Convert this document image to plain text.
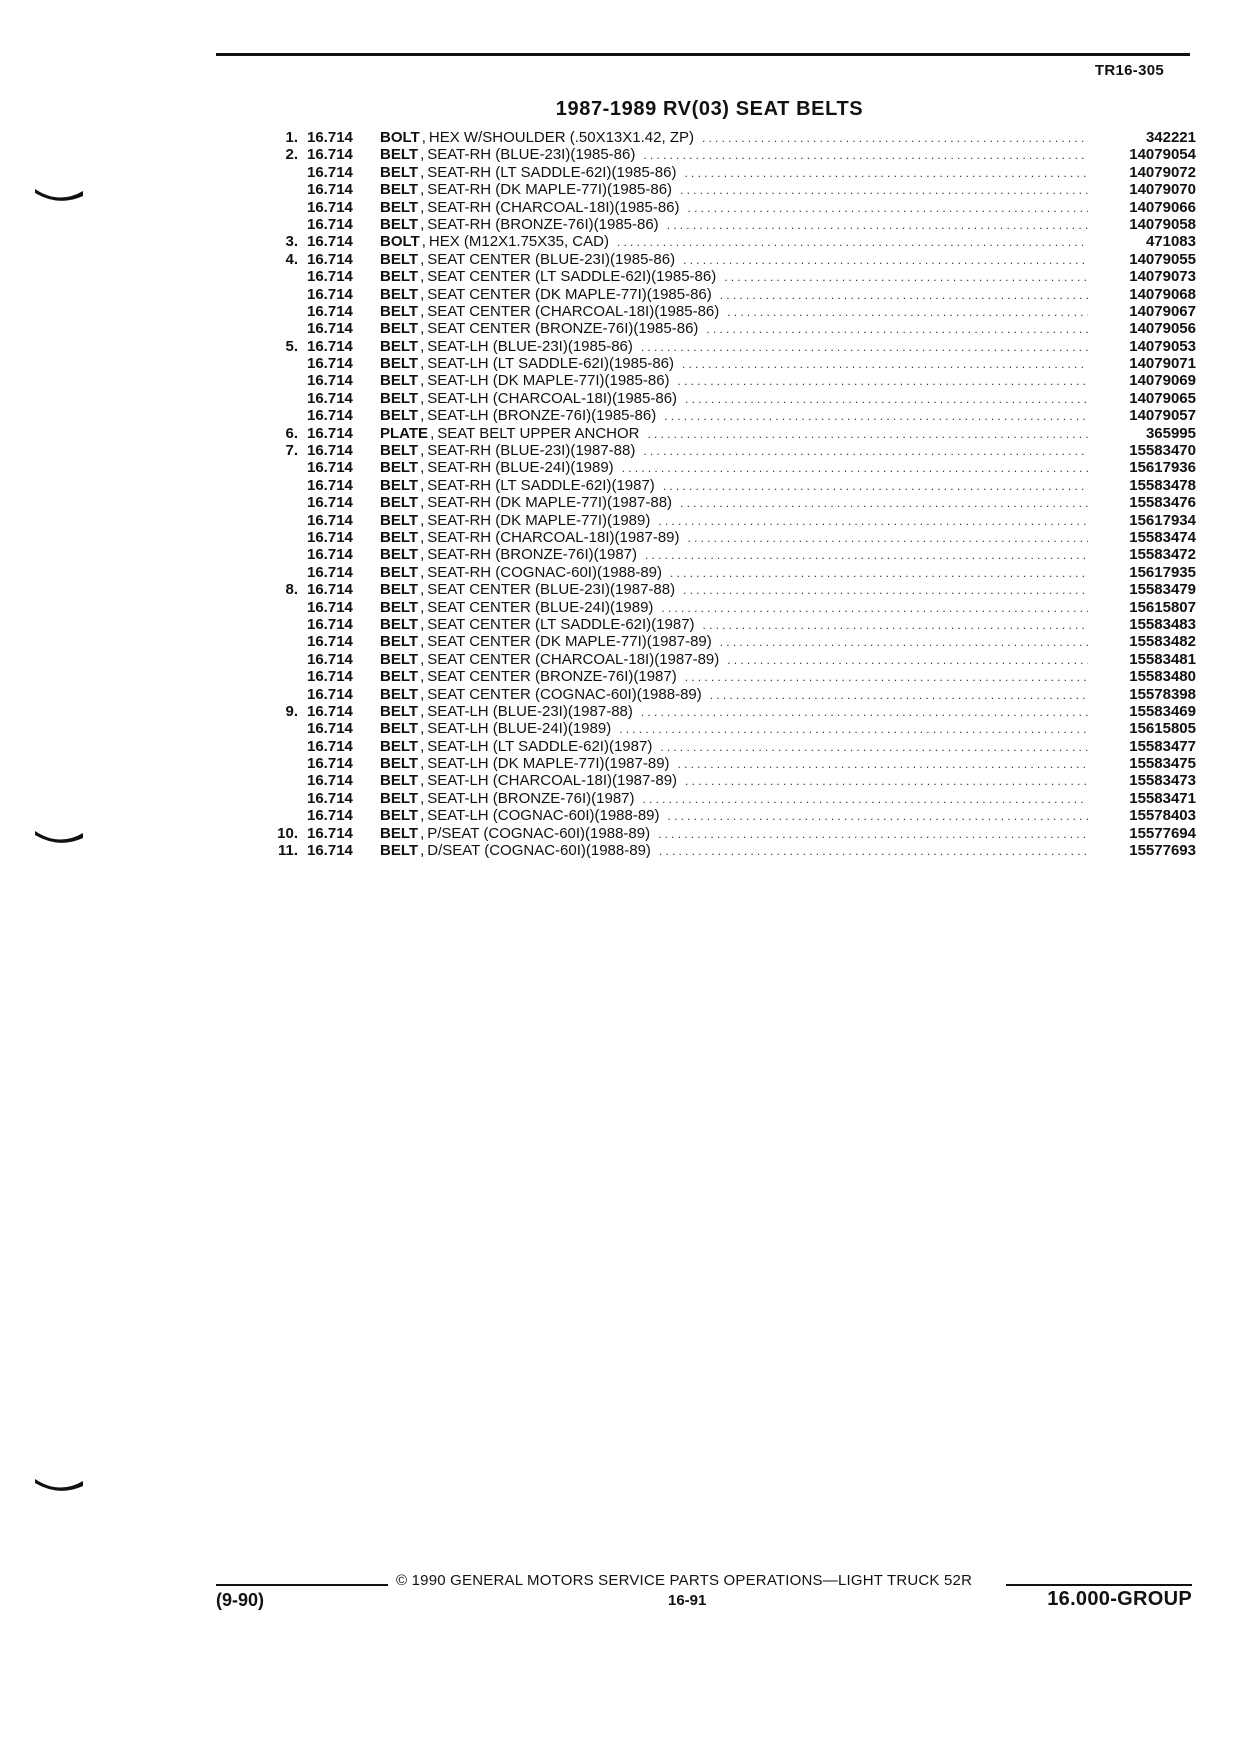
TR16-305
1987-1989 RV(03) SEAT BELTS
1. 16.714	BOLT , HEX W/SHOULDER (.50X13X1.42, ZP) .....	342221
2. 16.714	BELT , SEAT-RH (BLUE-23I)(1985-86) .....	14079054
16.714	BELT , SEAT-RH (LT SADDLE-62I)(1985-86) .....	14079072
16.714	BELT , SEAT-RH (DK MAPLE-77I)(1985-86) .....	14079070
16.714	BELT , SEAT-RH (CHARCOAL-18I)(1985-86) .....	14079066
16.714	BELT , SEAT-RH (BRONZE-76I)(1985-86) .....	14079058
3. 16.714	BOLT , HEX (M12X1.75X35, CAD) .....	471083
4. 16.714	BELT , SEAT CENTER (BLUE-23I)(1985-86) .....	14079055
16.714	BELT , SEAT CENTER (LT SADDLE-62I)(1985-86) .....	14079073
16.714	BELT , SEAT CENTER (DK MAPLE-77I)(1985-86) .....	14079068
16.714	BELT , SEAT CENTER (CHARCOAL-18I)(1985-86) .....	14079067
16.714	BELT , SEAT CENTER (BRONZE-76I)(1985-86) .....	14079056
5. 16.714	BELT , SEAT-LH (BLUE-23I)(1985-86) .....	14079053
16.714	BELT , SEAT-LH (LT SADDLE-62I)(1985-86) .....	14079071
16.714	BELT , SEAT-LH (DK MAPLE-77I)(1985-86) .....	14079069
16.714	BELT , SEAT-LH (CHARCOAL-18I)(1985-86) .....	14079065
16.714	BELT , SEAT-LH (BRONZE-76I)(1985-86) .....	14079057
6. 16.714	PLATE , SEAT BELT UPPER ANCHOR .....	365995
7. 16.714	BELT , SEAT-RH (BLUE-23I)(1987-88) .....	15583470
16.714	BELT , SEAT-RH (BLUE-24I)(1989) .....	15617936
16.714	BELT , SEAT-RH (LT SADDLE-62I)(1987) .....	15583478
16.714	BELT , SEAT-RH (DK MAPLE-77I)(1987-88) .....	15583476
16.714	BELT , SEAT-RH (DK MAPLE-77I)(1989) .....	15617934
16.714	BELT , SEAT-RH (CHARCOAL-18I)(1987-89) .....	15583474
16.714	BELT , SEAT-RH (BRONZE-76I)(1987) .....	15583472
16.714	BELT , SEAT-RH (COGNAC-60I)(1988-89) .....	15617935
8. 16.714	BELT , SEAT CENTER (BLUE-23I)(1987-88) .....	15583479
16.714	BELT , SEAT CENTER (BLUE-24I)(1989) .....	15615807
16.714	BELT , SEAT CENTER (LT SADDLE-62I)(1987) .....	15583483
16.714	BELT , SEAT CENTER (DK MAPLE-77I)(1987-89) .....	15583482
16.714	BELT , SEAT CENTER (CHARCOAL-18I)(1987-89) .....	15583481
16.714	BELT , SEAT CENTER (BRONZE-76I)(1987) .....	15583480
16.714	BELT , SEAT CENTER (COGNAC-60I)(1988-89) .....	15578398
9. 16.714	BELT , SEAT-LH (BLUE-23I)(1987-88) .....	15583469
16.714	BELT , SEAT-LH (BLUE-24I)(1989) .....	15615805
16.714	BELT , SEAT-LH (LT SADDLE-62I)(1987) .....	15583477
16.714	BELT , SEAT-LH (DK MAPLE-77I)(1987-89) .....	15583475
16.714	BELT , SEAT-LH (CHARCOAL-18I)(1987-89) .....	15583473
16.714	BELT , SEAT-LH (BRONZE-76I)(1987) .....	15583471
16.714	BELT , SEAT-LH (COGNAC-60I)(1988-89) .....	15578403
10. 16.714	BELT , P/SEAT (COGNAC-60I)(1988-89) .....	15577694
11. 16.714	BELT , D/SEAT (COGNAC-60I)(1988-89) .....	15577693
© 1990 GENERAL MOTORS SERVICE PARTS OPERATIONS—LIGHT TRUCK 52R
(9-90)	16-91	16.000-GROUP
